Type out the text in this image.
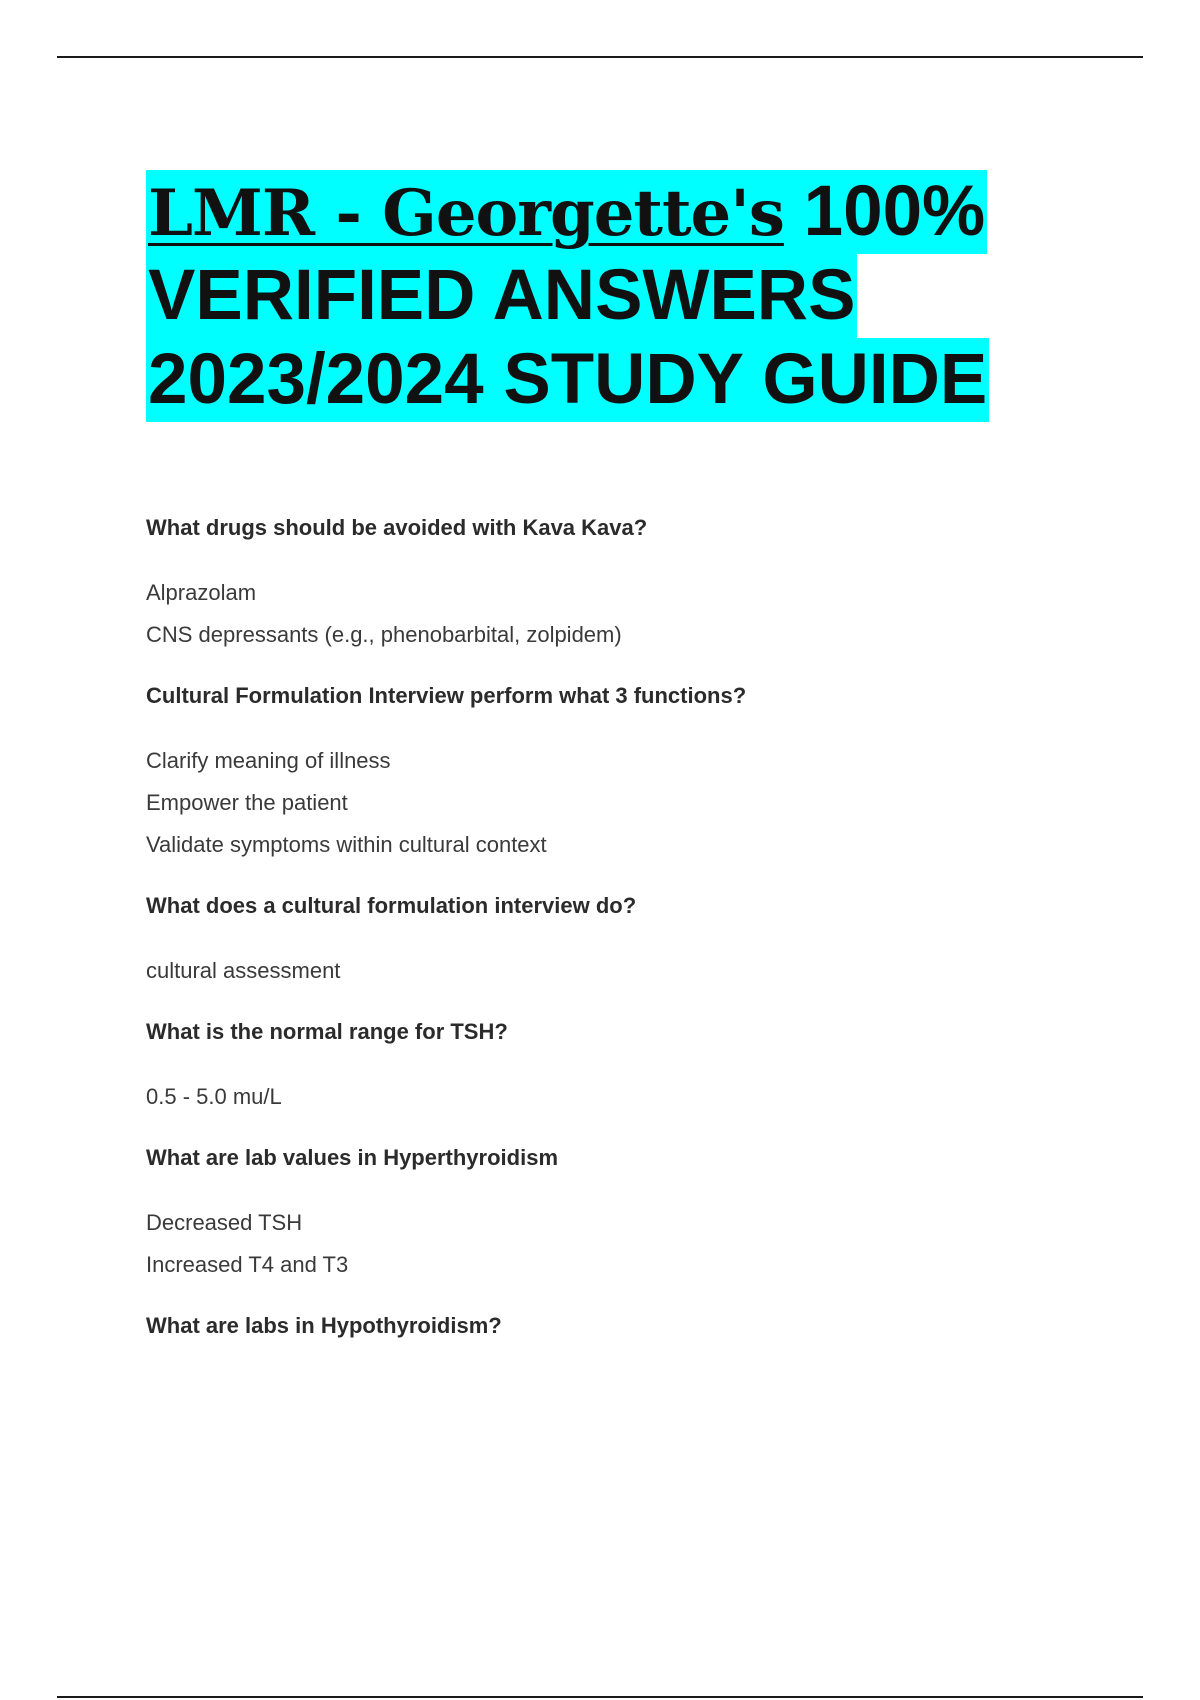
LMR - Georgette's 100%
VERIFIED ANSWERS
2023/2024 STUDY GUIDE

What drugs should be avoided with Kava Kava?

Alprazolam

CNS depressants (e.g., phenobarbital, zolpidem)

Cultural Formulation Interview perform what 3 functions?

Clarify meaning of illness

Empower the patient

Validate symptoms within cultural context

What does a cultural formulation interview do?

cultural assessment

What is the normal range for TSH?

0.5 - 5.0 mu/L

What are lab values in Hyperthyroidism

Decreased TSH

Increased T4 and T3

What are labs in Hypothyroidism?
